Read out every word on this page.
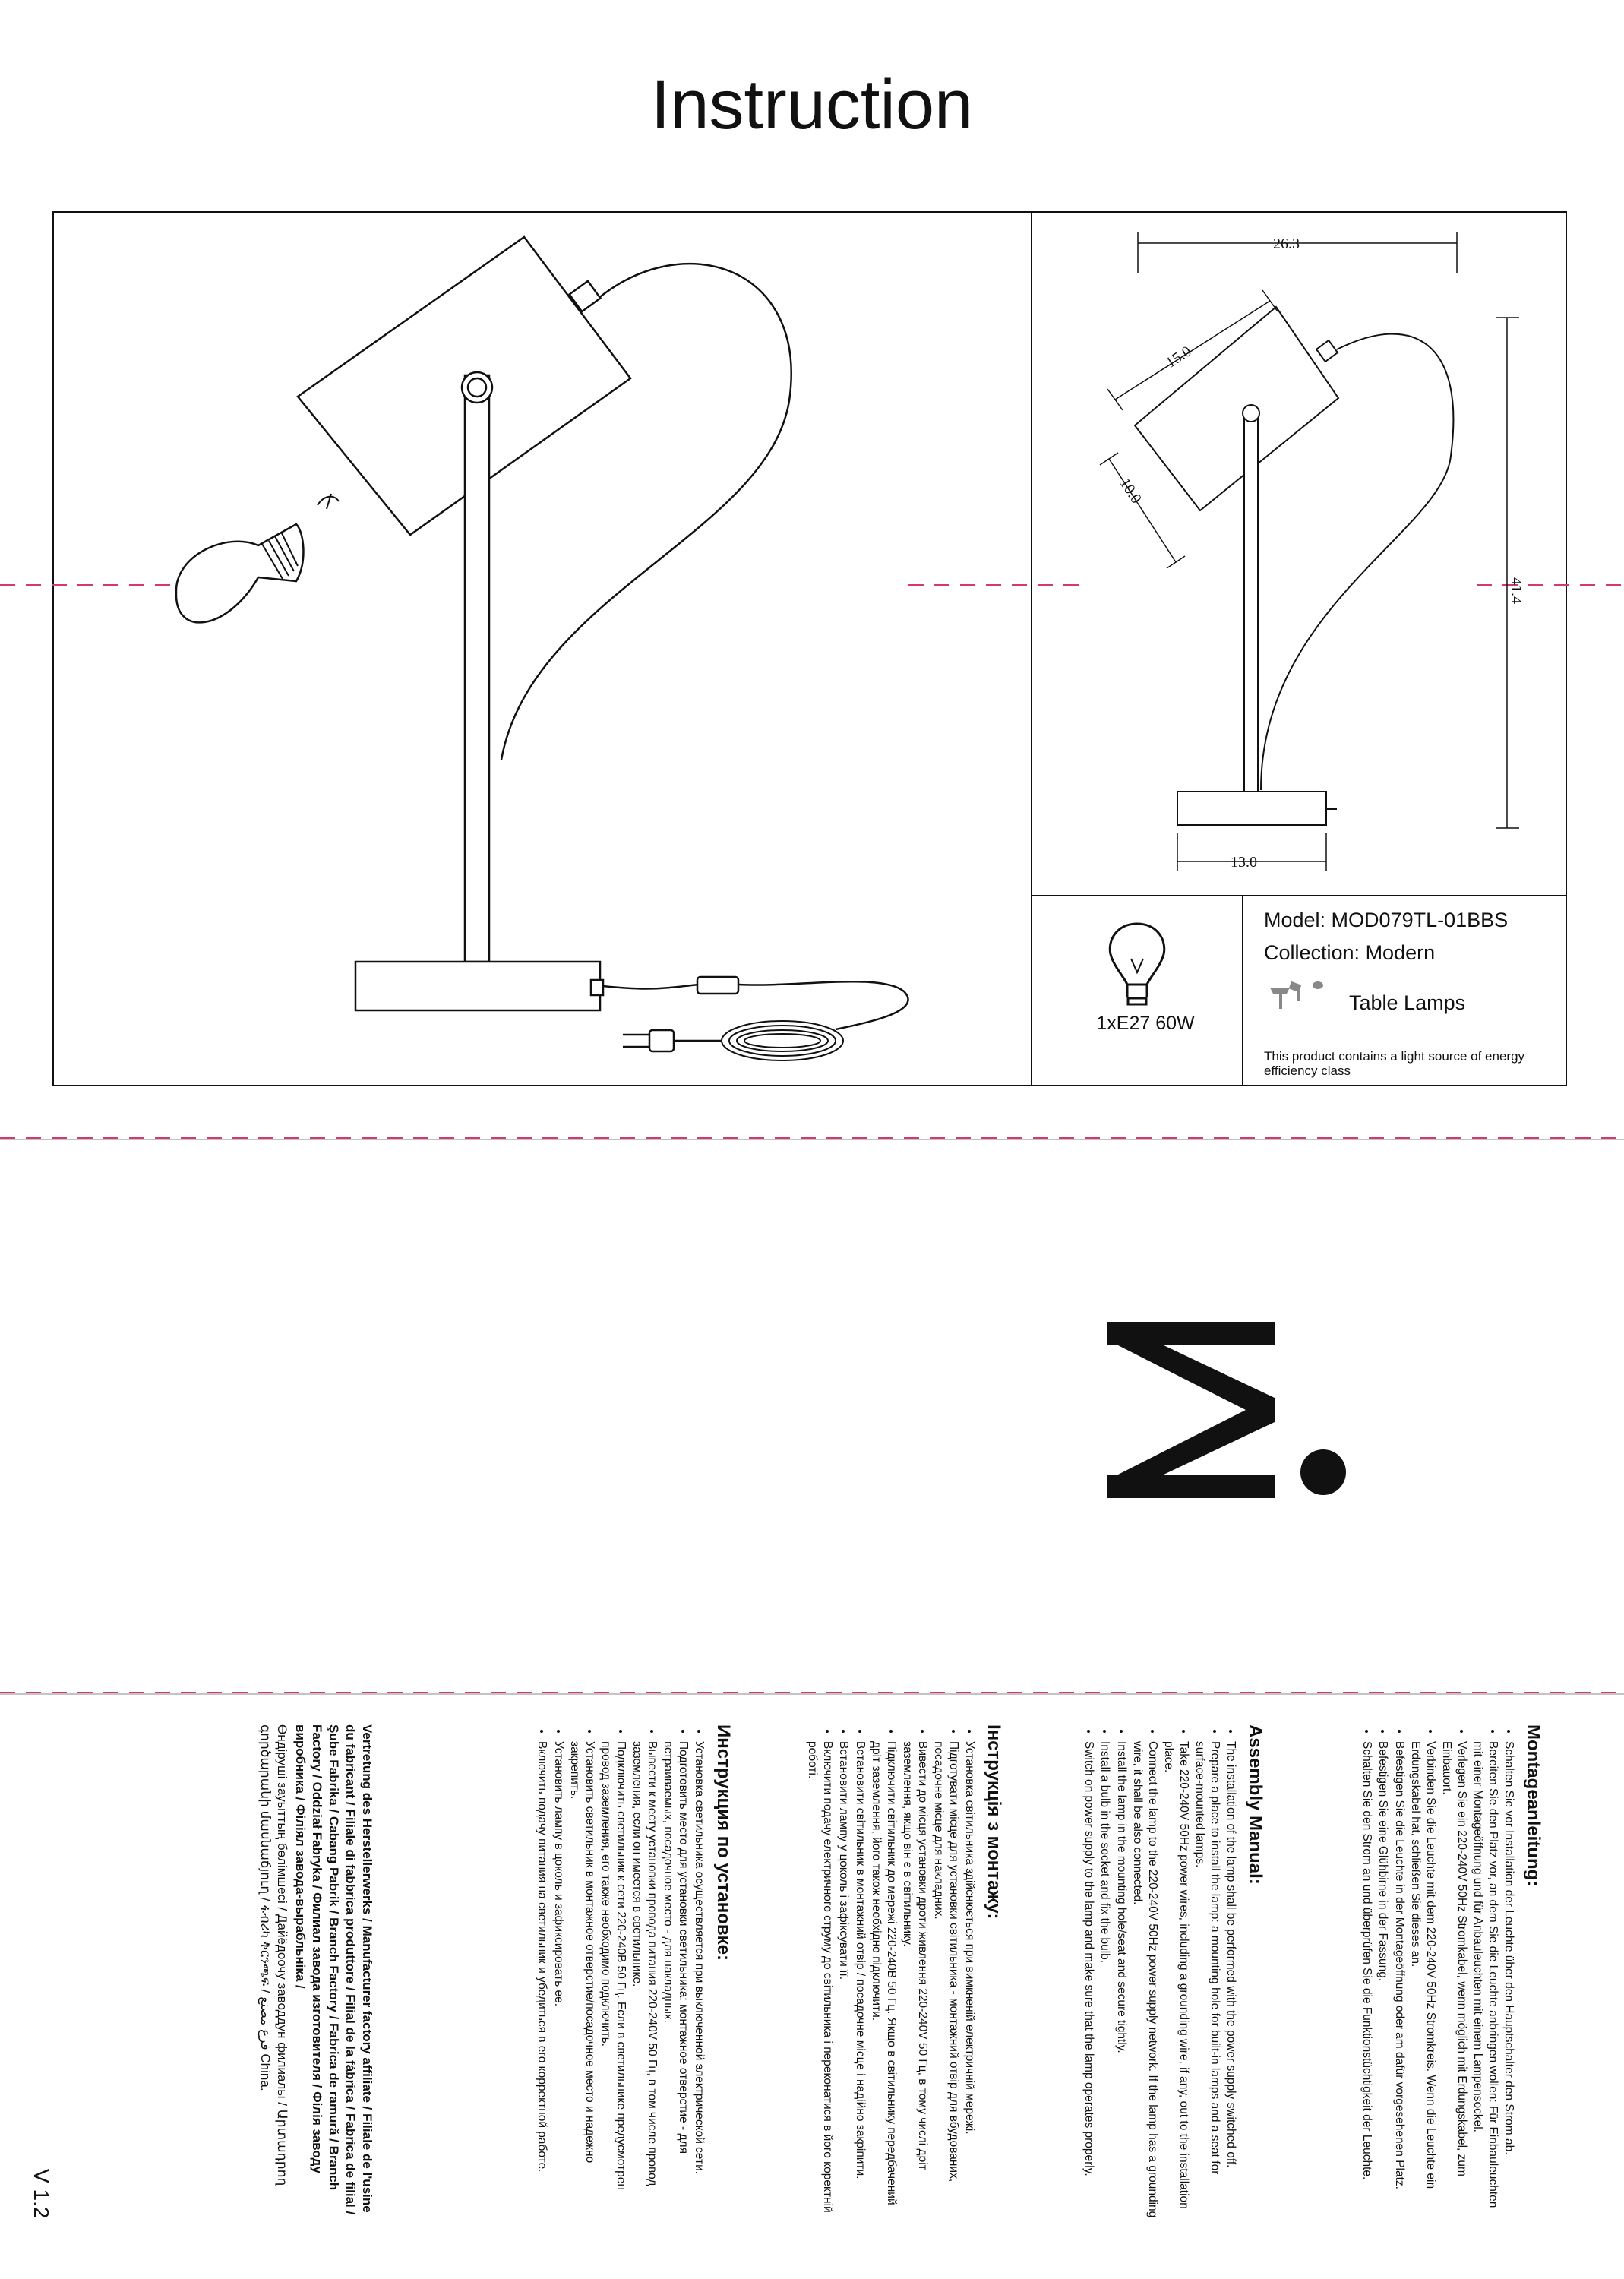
Instruction
26.3
15.0
10.0
41.4
13.0
Model: MOD079TL-01BBS
Collection: Modern
Table Lamps
1xE27 60W
This product contains a light source of energy efficiency class
Montageanleitung:
• Schalten Sie vor Installation der Leuchte über den Hauptschalter den Strom ab.
• Bereiten Sie den Platz vor, an dem Sie die Leuchte anbringen wollen: Für Einbauleuchten mit einer Montageöffnung und für Anbauleuchten mit einem Lampensockel.
• Verlegen Sie ein 220-240V 50Hz Stromkabel, wenn möglich mit Erdungskabel, zum Einbauort.
• Verbinden Sie die Leuchte mit dem 220-240V 50Hz Stromkreis. Wenn die Leuchte ein Erdungskabel hat, schließen Sie dieses an.
• Befestigen Sie die Leuchte in der Montageöffnung oder am dafür vorgesehenen Platz.
• Befestigen Sie eine Glühbirne in der Fassung.
• Schalten Sie den Strom an und überprüfen Sie die Funktionstüchtigkeit der Leuchte.
Assembly Manual:
• The installation of the lamp shall be performed with the power supply switched off.
• Prepare a place to install the lamp: a mounting hole for built-in lamps and a seat for surface-mounted lamps.
• Take 220-240V 50Hz power wires, including a grounding wire, if any, out to the installation place.
• Connect the lamp to the 220-240V 50Hz power supply network. If the lamp has a grounding wire, it shall be also connected.
• Install the lamp in the mounting hole/seat and secure tightly.
• Install a bulb in the socket and fix the bulb.
• Switch on power supply to the lamp and make sure that the lamp operates properly.
Інструкція з монтажу:
• Установка світильника здійснюється при вимкненій електричній мережі.
• Підготувати місце для установки світильника - монтажний отвір для вбудованих, посадочне місце для накладних.
• Вивести до місця установки дроти живлення 220-240V 50 Гц, в тому числі дріт заземлення, якщо він є в світильнику.
• Підключити світильник до мережі 220-240В 50 Гц. Якщо в світильнику передбачений дріт заземлення, його також необхідно підключити.
• Встановити світильник в монтажний отвір / посадочне місце і надійно закріпити.
• Встановити лампу у цоколь і зафіксувати її.
• Включити подачу електричного струму до світильника і переконатися в його коректній роботі.
Инструкция по установке:
• Установка светильника осуществляется при выключенной электрической сети.
• Подготовить место для установки светильника: монтажное отверстие - для встраиваемых, посадочное место - для накладных.
• Вывести к месту установки провода питания 220-240V 50 Гц, в том числе провод заземления, если он имеется в светильнике.
• Подключить светильник к сети 220-240В 50 Гц. Если в светильнике предусмотрен провод заземления, его также необходимо подключить.
• Установить светильник в монтажное отверстие/посадочное место и надежно закрепить.
• Установить лампу в цоколь и зафиксировать ее.
• Включить подачу питания на светильник и убедиться в его корректной работе.
Vertretung des Herstellerwerks / Manufacturer factory affiliate / Filiale de l'usine du fabricant / Filiale di fabbrica produttore / Filial de la fábrica / Fabrica de filial / Şube Fabrika / Cabang Pabrik / Branch Factory / Fabrica de ramură / Branch Factory / Oddział Fabryka / Филиал завода изготовителя / Філія заводу виробника / Філіял завода-вырабльніка /
Өндіруші зауыттың бөлімшесі / Дайёдоочу заводдун филиалы / Արտադրող գործարանի մասնաճյուղ / ፋብሪካ ቅርንጫፍ / فرع مصنع China.
V 1.2
